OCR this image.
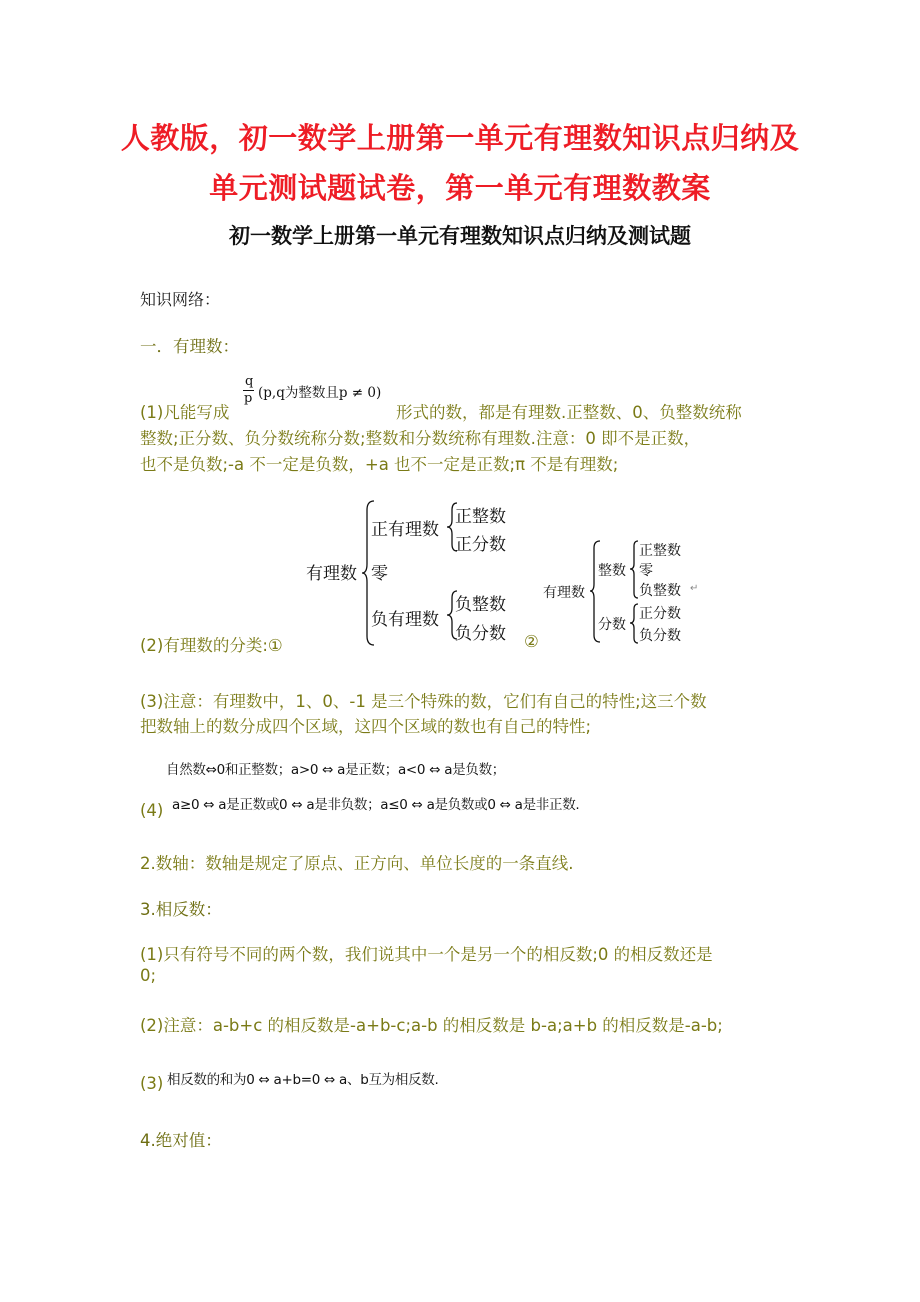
人教版，初一数学上册第一单元有理数知识点归纳及
单元测试题试卷，第一单元有理数教案
初一数学上册第一单元有理数知识点归纳及测试题
知识网络：
一．有理数：
q
p (p,q为整数且p ≠ 0)
(1)凡能写成	形式的数，都是有理数.正整数、0、负整数统称
整数;正分数、负分数统称分数;整数和分数统称有理数.注意：0 即不是正数，
也不是负数;-a 不一定是负数，+a 也不一定是正数;π 不是有理数;
有理数
正有理数
正整数
正分数
零
负有理数
负整数
负分数
(2)有理数的分类:①	②
有理数
整数
正整数
零
负整数 ↵
分数
正分数
负分数
(3)注意：有理数中，1、0、-1 是三个特殊的数，它们有自己的特性;这三个数
把数轴上的数分成四个区域，这四个区域的数也有自己的特性;
自然数⇔0和正整数；a>0 ⇔ a是正数；a<0 ⇔ a是负数；
(4) a≥0 ⇔ a是正数或0 ⇔ a是非负数；a≤0 ⇔ a是负数或0 ⇔ a是非正数.
2.数轴：数轴是规定了原点、正方向、单位长度的一条直线.
3.相反数：
(1)只有符号不同的两个数，我们说其中一个是另一个的相反数;0 的相反数还是
0;
(2)注意：a-b+c 的相反数是-a+b-c;a-b 的相反数是 b-a;a+b 的相反数是-a-b;
(3) 相反数的和为0 ⇔ a+b=0 ⇔ a、b互为相反数.
4.绝对值：
